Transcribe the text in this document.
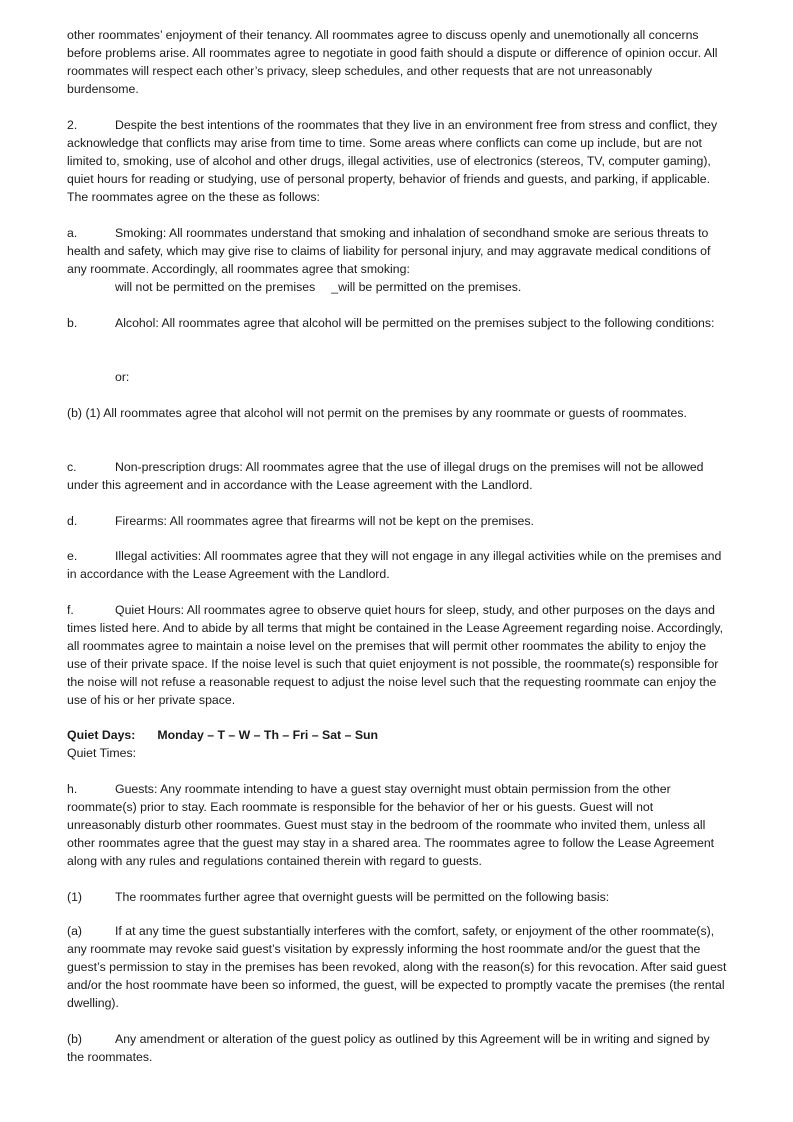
other roommates’ enjoyment of their tenancy. All roommates agree to discuss openly and unemotionally all concerns before problems arise. All roommates agree to negotiate in good faith should a dispute or difference of opinion occur. All roommates will respect each other’s privacy, sleep schedules, and other requests that are not unreasonably burdensome.
2.	Despite the best intentions of the roommates that they live in an environment free from stress and conflict, they acknowledge that conflicts may arise from time to time. Some areas where conflicts can come up include, but are not limited to, smoking, use of alcohol and other drugs, illegal activities, use of electronics (stereos, TV, computer gaming), quiet hours for reading or studying, use of personal property, behavior of friends and guests, and parking, if applicable. The roommates agree on the these as follows:
a.	Smoking: All roommates understand that smoking and inhalation of secondhand smoke are serious threats to health and safety, which may give rise to claims of liability for personal injury, and may aggravate medical conditions of any roommate. Accordingly, all roommates agree that smoking:
will not be permitted on the premises _will be permitted on the premises.
b.	Alcohol: All roommates agree that alcohol will be permitted on the premises subject to the following conditions:
or:
(b) (1) All roommates agree that alcohol will not permit on the premises by any roommate or guests of roommates.
c.	Non-prescription drugs: All roommates agree that the use of illegal drugs on the premises will not be allowed under this agreement and in accordance with the Lease agreement with the Landlord.
d.	Firearms: All roommates agree that firearms will not be kept on the premises.
e.	Illegal activities: All roommates agree that they will not engage in any illegal activities while on the premises and in accordance with the Lease Agreement with the Landlord.
f.	Quiet Hours: All roommates agree to observe quiet hours for sleep, study, and other purposes on the days and times listed here. And to abide by all terms that might be contained in the Lease Agreement regarding noise. Accordingly, all roommates agree to maintain a noise level on the premises that will permit other roommates the ability to enjoy the use of their private space. If the noise level is such that quiet enjoyment is not possible, the roommate(s) responsible for the noise will not refuse a reasonable request to adjust the noise level such that the requesting roommate can enjoy the use of his or her private space.
Quiet Days: Monday – T – W – Th – Fri – Sat – Sun
Quiet Times:
h.	Guests: Any roommate intending to have a guest stay overnight must obtain permission from the other roommate(s) prior to stay. Each roommate is responsible for the behavior of her or his guests. Guest will not unreasonably disturb other roommates. Guest must stay in the bedroom of the roommate who invited them, unless all other roommates agree that the guest may stay in a shared area. The roommates agree to follow the Lease Agreement along with any rules and regulations contained therein with regard to guests.
(1)	The roommates further agree that overnight guests will be permitted on the following basis:
(a)	If at any time the guest substantially interferes with the comfort, safety, or enjoyment of the other roommate(s), any roommate may revoke said guest’s visitation by expressly informing the host roommate and/or the guest that the guest’s permission to stay in the premises has been revoked, along with the reason(s) for this revocation. After said guest and/or the host roommate have been so informed, the guest, will be expected to promptly vacate the premises (the rental dwelling).
(b)	Any amendment or alteration of the guest policy as outlined by this Agreement will be in writing and signed by the roommates.
